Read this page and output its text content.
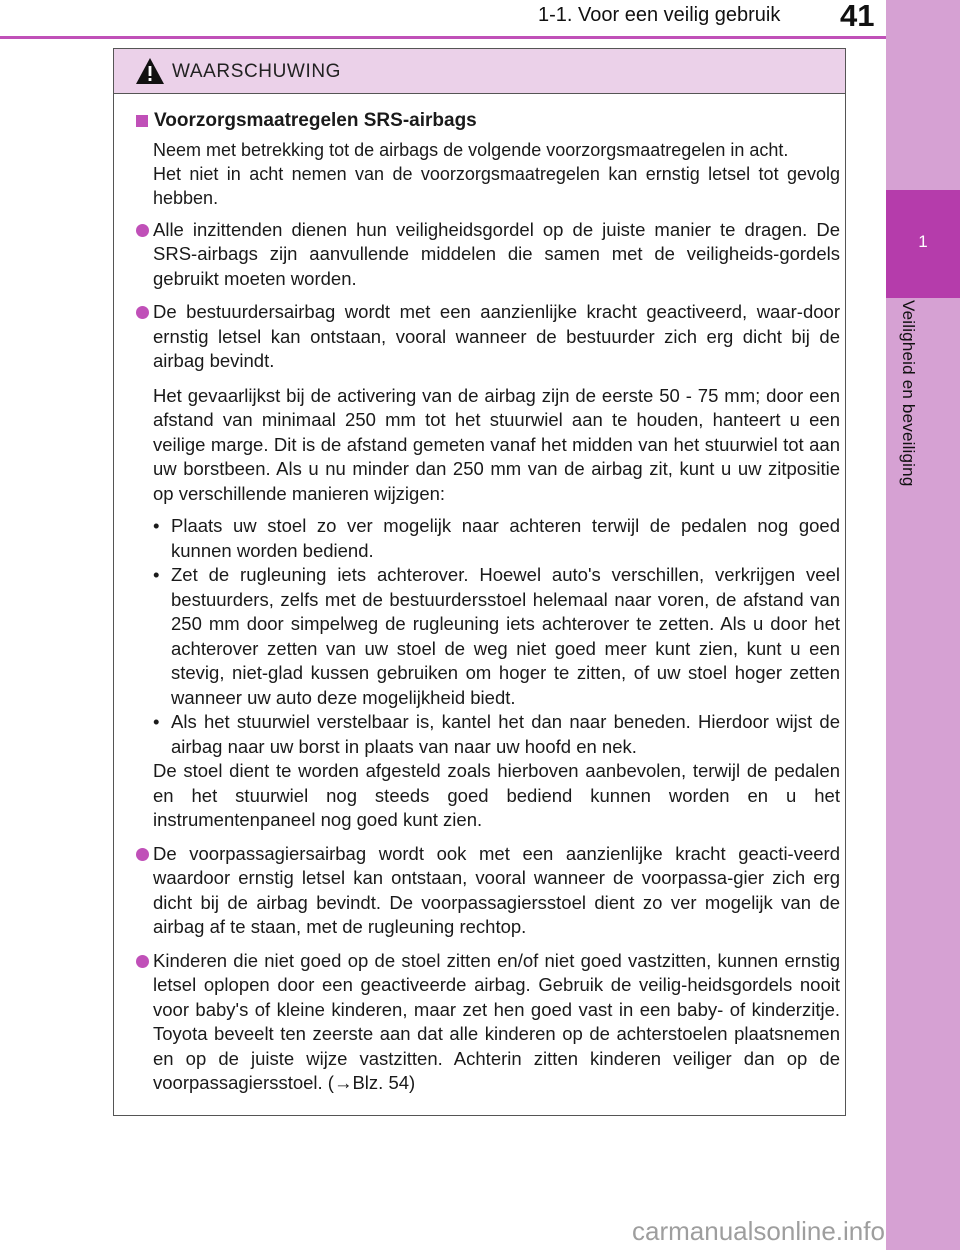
1-1. Voor een veilig gebruik 41
1
Veiligheid en beveiliging
WAARSCHUWING
Voorzorgsmaatregelen SRS-airbags

Neem met betrekking tot de airbags de volgende voorzorgsmaatregelen in acht.

Het niet in acht nemen van de voorzorgsmaatregelen kan ernstig letsel tot gevolg hebben.

Alle inzittenden dienen hun veiligheidsgordel op de juiste manier te dragen. De SRS-airbags zijn aanvullende middelen die samen met de veiligheids-gordels gebruikt moeten worden.

De bestuurdersairbag wordt met een aanzienlijke kracht geactiveerd, waar-door ernstig letsel kan ontstaan, vooral wanneer de bestuurder zich erg dicht bij de airbag bevindt.

Het gevaarlijkst bij de activering van de airbag zijn de eerste 50 - 75 mm; door een afstand van minimaal 250 mm tot het stuurwiel aan te houden, hanteert u een veilige marge. Dit is de afstand gemeten vanaf het midden van het stuurwiel tot aan uw borstbeen. Als u nu minder dan 250 mm van de airbag zit, kunt u uw zitpositie op verschillende manieren wijzigen:

• Plaats uw stoel zo ver mogelijk naar achteren terwijl de pedalen nog goed kunnen worden bediend.
• Zet de rugleuning iets achterover. Hoewel auto's verschillen, verkrijgen veel bestuurders, zelfs met de bestuurdersstoel helemaal naar voren, de afstand van 250 mm door simpelweg de rugleuning iets achterover te zetten. Als u door het achterover zetten van uw stoel de weg niet goed meer kunt zien, kunt u een stevig, niet-glad kussen gebruiken om hoger te zitten, of uw stoel hoger zetten wanneer uw auto deze mogelijkheid biedt.
• Als het stuurwiel verstelbaar is, kantel het dan naar beneden. Hierdoor wijst de airbag naar uw borst in plaats van naar uw hoofd en nek.

De stoel dient te worden afgesteld zoals hierboven aanbevolen, terwijl de pedalen en het stuurwiel nog steeds goed bediend kunnen worden en u het instrumentenpaneel nog goed kunt zien.

De voorpassagiersairbag wordt ook met een aanzienlijke kracht geacti-veerd waardoor ernstig letsel kan ontstaan, vooral wanneer de voorpassa-gier zich erg dicht bij de airbag bevindt. De voorpassagiersstoel dient zo ver mogelijk van de airbag af te staan, met de rugleuning rechtop.

Kinderen die niet goed op de stoel zitten en/of niet goed vastzitten, kunnen ernstig letsel oplopen door een geactiveerde airbag. Gebruik de veilig-heidsgordels nooit voor baby's of kleine kinderen, maar zet hen goed vast in een baby- of kinderzitje. Toyota beveelt ten zeerste aan dat alle kinderen op de achterstoelen plaatsnemen en op de juiste wijze vastzitten. Achterin zitten kinderen veiliger dan op de voorpassagiersstoel. (→Blz. 54)

carmanualsonline.info
